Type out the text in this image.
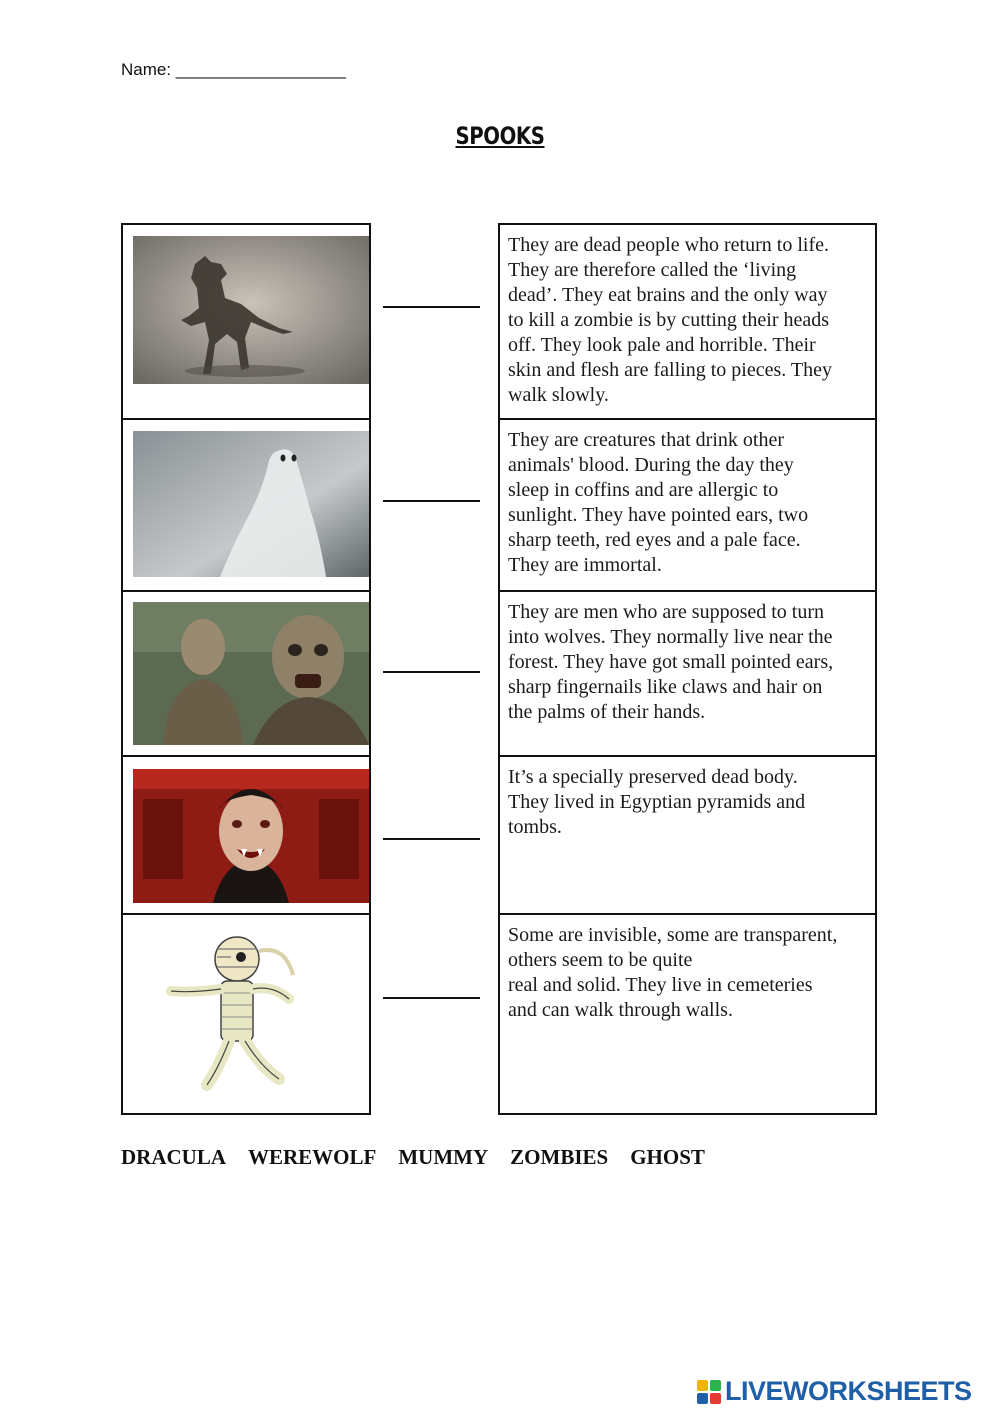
Name: __________________
SPOOKS
They are dead people who return to life.
They are therefore called the ‘living
dead’. They eat brains and the only way
to kill a zombie is by cutting their heads
off. They look pale and horrible. Their
skin and flesh are falling to pieces. They
walk slowly.
They are creatures that drink other
animals' blood. During the day they
sleep in coffins and are allergic to
sunlight. They have pointed ears, two
sharp teeth, red eyes and a pale face.
They are immortal.
They are men who are supposed to turn
into wolves. They normally live near the
forest. They have got small pointed ears,
sharp fingernails like claws and hair on
the palms of their hands.
It’s a specially preserved dead body.
They lived in Egyptian pyramids and
tombs.
Some are invisible, some are transparent,
others seem to be quite
real and solid. They live in cemeteries
and can walk through walls.
DRACULA WEREWOLF MUMMY ZOMBIES GHOST
LIVEWORKSHEETS
